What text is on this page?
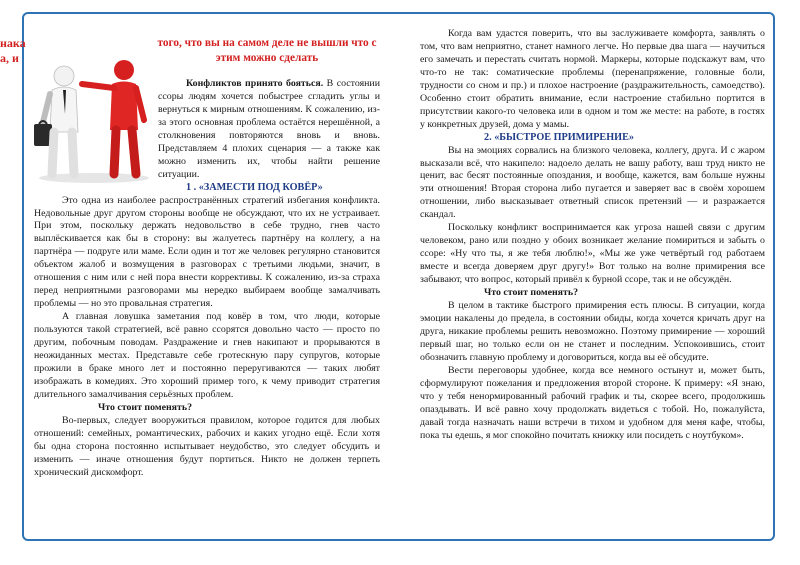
нака
а, и
того, что вы на самом деле не вышли что с этим можно сделать

Конфликтов принято бояться. В состоянии ссоры людям хочется побыстрее сгладить углы и вернуться к мирным отношениям. К сожалению, из-за этого основная проблема остаётся нерешённой, а столкновения повторяются вновь и вновь. Представляем 4 плохих сценария — а также как можно изменить их, чтобы найти решение ситуации.

1 . «ЗАМЕСТИ ПОД КОВЁР»

Это одна из наиболее распространённых стратегий избегания конфликта. Недовольные друг другом стороны вообще не обсуждают, что их не устраивает. При этом, поскольку держать недовольство в себе трудно, гнев часто выплёскивается как бы в сторону: вы жалуетесь партнёру на коллегу, а на партнёра — подруге или маме. Если один и тот же человек регулярно становится объектом жалоб и возмущения в разговорах с третьими людьми, значит, в отношения с ним или с ней пора внести коррективы. К сожалению, из-за страха перед неприятными разговорами мы нередко выбираем вообще замалчивать проблемы — но это провальная стратегия.

А главная ловушка заметания под ковёр в том, что люди, которые пользуются такой стратегией, всё равно ссорятся довольно часто — просто по другим, побочным поводам. Раздражение и гнев накипают и прорываются в неожиданных местах. Представьте себе гротескную пару супругов, которые прожили в браке много лет и постоянно переругиваются — таких любят изображать в комедиях. Это хороший пример того, к чему приводит стратегия длительного замалчивания серьёзных проблем.

Что стоит поменять?

Во-первых, следует вооружиться правилом, которое годится для любых отношений: семейных, романтических, рабочих и каких угодно ещё. Если хотя бы одна сторона постоянно испытывает неудобство, это следует обсудить и изменить — иначе отношения будут портиться. Никто не должен терпеть хронический дискомфорт.

Когда вам удастся поверить, что вы заслуживаете комфорта, заявлять о том, что вам неприятно, станет намного легче. Но первые два шага — научиться его замечать и перестать считать нормой. Маркеры, которые подскажут вам, что что-то не так: соматические проблемы (перенапряжение, головные боли, трудности со сном и пр.) и плохое настроение (раздражительность, самоедство). Особенно стоит обратить внимание, если настроение стабильно портится в присутствии какого-то человека или в одном и том же месте: на работе, в гостях у конкретных друзей, дома у мамы.

2. «БЫСТРОЕ ПРИМИРЕНИЕ»

Вы на эмоциях сорвались на близкого человека, коллегу, друга. И с жаром высказали всё, что накипело: надоело делать не вашу работу, ваш труд никто не ценит, вас бесят постоянные опоздания, и вообще, кажется, вам больше нужны эти отношения! Вторая сторона либо пугается и заверяет вас в своём хорошем отношении, либо высказывает ответный список претензий — и разражается скандал.

Поскольку конфликт воспринимается как угроза нашей связи с другим человеком, рано или поздно у обоих возникает желание помириться и забыть о ссоре: «Ну что ты, я же тебя люблю!», «Мы же уже четвёртый год работаем вместе и всегда доверяем друг другу!» Вот только на волне примирения все забывают, что вопрос, который привёл к бурной ссоре, так и не обсуждён.

Что стоит поменять?

В целом в тактике быстрого примирения есть плюсы. В ситуации, когда эмоции накалены до предела, в состоянии обиды, когда хочется кричать друг на друга, никакие проблемы решить невозможно. Поэтому примирение — хороший первый шаг, но только если он не станет и последним. Успокоившись, стоит обозначить главную проблему и договориться, когда вы её обсудите.

Вести переговоры удобнее, когда все немного остынут и, может быть, сформулируют пожелания и предложения второй стороне. К примеру: «Я знаю, что у тебя ненормированный рабочий график и ты, скорее всего, продолжишь опаздывать. И всё равно хочу продолжать видеться с тобой. Но, пожалуйста, давай тогда назначать наши встречи в тихом и удобном для меня кафе, чтобы, пока ты едешь, я мог спокойно почитать книжку или посидеть с ноутбуком».
